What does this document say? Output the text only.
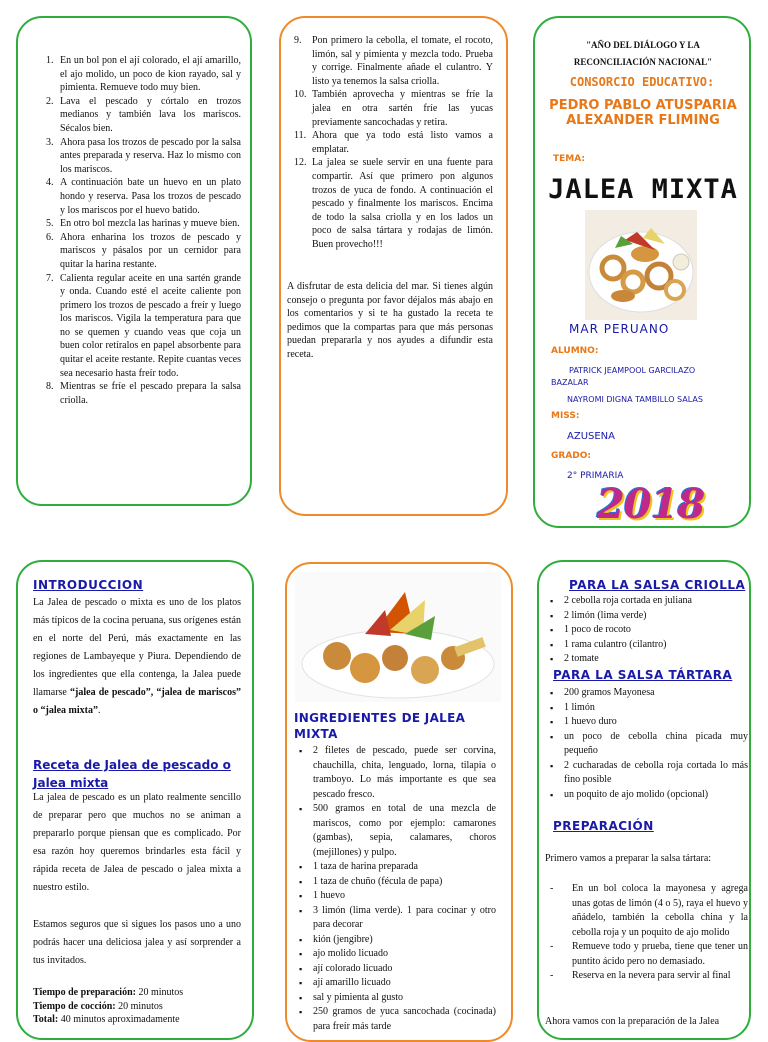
1. En un bol pon el ají colorado, el ají amarillo, el ajo molido, un poco de kion rayado, sal y pimienta. Remueve todo muy bien.
2. Lava el pescado y córtalo en trozos medianos y también lava los mariscos. Sécalos bien.
3. Ahora pasa los trozos de pescado por la salsa antes preparada y reserva. Haz lo mismo con los mariscos.
4. A continuación bate un huevo en un plato hondo y reserva. Pasa los trozos de pescado y los mariscos por el huevo batido.
5. En otro bol mezcla las harinas y mueve bien.
6. Ahora enharina los trozos de pescado y mariscos y pásalos por un cernidor para quitar la harina restante.
7. Calienta regular aceite en una sartén grande y onda. Cuando esté el aceite caliente pon primero los trozos de pescado a freír y luego los mariscos. Vigila la temperatura para que no se quemen y cuando veas que coja un buen color retíralos en papel absorbente para quitar el aceite restante. Repite cuantas veces sea necesario hasta freír todo.
8. Mientras se fríe el pescado prepara la salsa criolla.
9. Pon primero la cebolla, el tomate, el rocoto, limón, sal y pimienta y mezcla todo. Prueba y corrige. Finalmente añade el culantro. Y listo ya tenemos la salsa criolla.
10. También aprovecha y mientras se fríe la jalea en otra sartén fríe las yucas previamente sancochadas y retira.
11. Ahora que ya todo está listo vamos a emplatar.
12. La jalea se suele servir en una fuente para compartir. Así que primero pon algunos trozos de yuca de fondo. A continuación el pescado y finalmente los mariscos. Encima de todo la salsa criolla y en los lados un poco de salsa tártara y rodajas de limón. Buen provecho!!!

A disfrutar de esta delicia del mar. Si tienes algún consejo o pregunta por favor déjalos más abajo en los comentarios y si te ha gustado la receta te pedimos que la compartas para que más personas puedan prepararla y nos ayudes a difundir esta receta.

"AÑO DEL DIÁLOGO Y LA RECONCILIACIÓN NACIONAL"
CONSORCIO EDUCATIVO:
PEDRO PABLO ATUSPARIA ALEXANDER FLIMING
TEMA:
JALEA MIXTA
MAR PERUANO
ALUMNO:
PATRICK JEAMPOOL GARCILAZO BAZALAR
NAYROMI DIGNA TAMBILLO SALAS
MISS:
AZUSENA
GRADO:
2° PRIMARIA
2018
INTRODUCCION

La Jalea de pescado o mixta es uno de los platos más típicos de la cocina peruana, sus orígenes están en el norte del Perú, más exactamente en las regiones de Lambayeque y Piura. Dependiendo de los ingredientes que ella contenga, la Jalea puede llamarse “jalea de pescado”, “jalea de mariscos” o “jalea mixta”.

Receta de Jalea de pescado o Jalea mixta

La jalea de pescado es un plato realmente sencillo de preparar pero que muchos no se animan a prepararlo porque piensan que es complicado. Por esa razón hoy queremos brindarles esta fácil y rápida receta de Jalea de pescado o jalea mixta a nuestro estilo.

Estamos seguros que si sigues los pasos uno a uno podrás hacer una deliciosa jalea y así sorprender a tus invitados.

Tiempo de preparación: 20 minutos
Tiempo de cocción: 20 minutos
Total: 40 minutos aproximadamente
INGREDIENTES DE JALEA MIXTA
▪ 2 filetes de pescado, puede ser corvina, chauchilla, chita, lenguado, lorna, tilapia o tramboyo. Lo más importante es que sea pescado fresco.
▪ 500 gramos en total de una mezcla de mariscos, como por ejemplo: camarones (gambas), sepia, calamares, choros (mejillones) y pulpo.
▪ 1 taza de harina preparada
▪ 1 taza de chuño (fécula de papa)
▪ 1 huevo
▪ 3 limón (lima verde). 1 para cocinar y otro para decorar
▪ kión (jengibre)
▪ ajo molido licuado
▪ ají colorado licuado
▪ ají amarillo licuado
▪ sal y pimienta al gusto
▪ 250 gramos de yuca sancochada (cocinada) para freír más tarde
PARA LA SALSA CRIOLLA
▪ 2 cebolla roja cortada en juliana
▪ 2 limón (lima verde)
▪ 1 poco de rocoto
▪ 1 rama culantro (cilantro)
▪ 2 tomate
PARA LA SALSA TÁRTARA
▪ 200 gramos Mayonesa
▪ 1 limón
▪ 1 huevo duro
▪ un poco de cebolla china picada muy pequeño
▪ 2 cucharadas de cebolla roja cortada lo más fino posible
▪ un poquito de ajo molido (opcional)
PREPARACIÓN
Primero vamos a preparar la salsa tártara:
- En un bol coloca la mayonesa y agrega unas gotas de limón (4 o 5), raya el huevo y añádelo, también la cebolla china y la cebolla roja y un poquito de ajo molido
- Remueve todo y prueba, tiene que tener un puntito ácido pero no demasiado.
- Reserva en la nevera para servir al final
Ahora vamos con la preparación de la Jalea
